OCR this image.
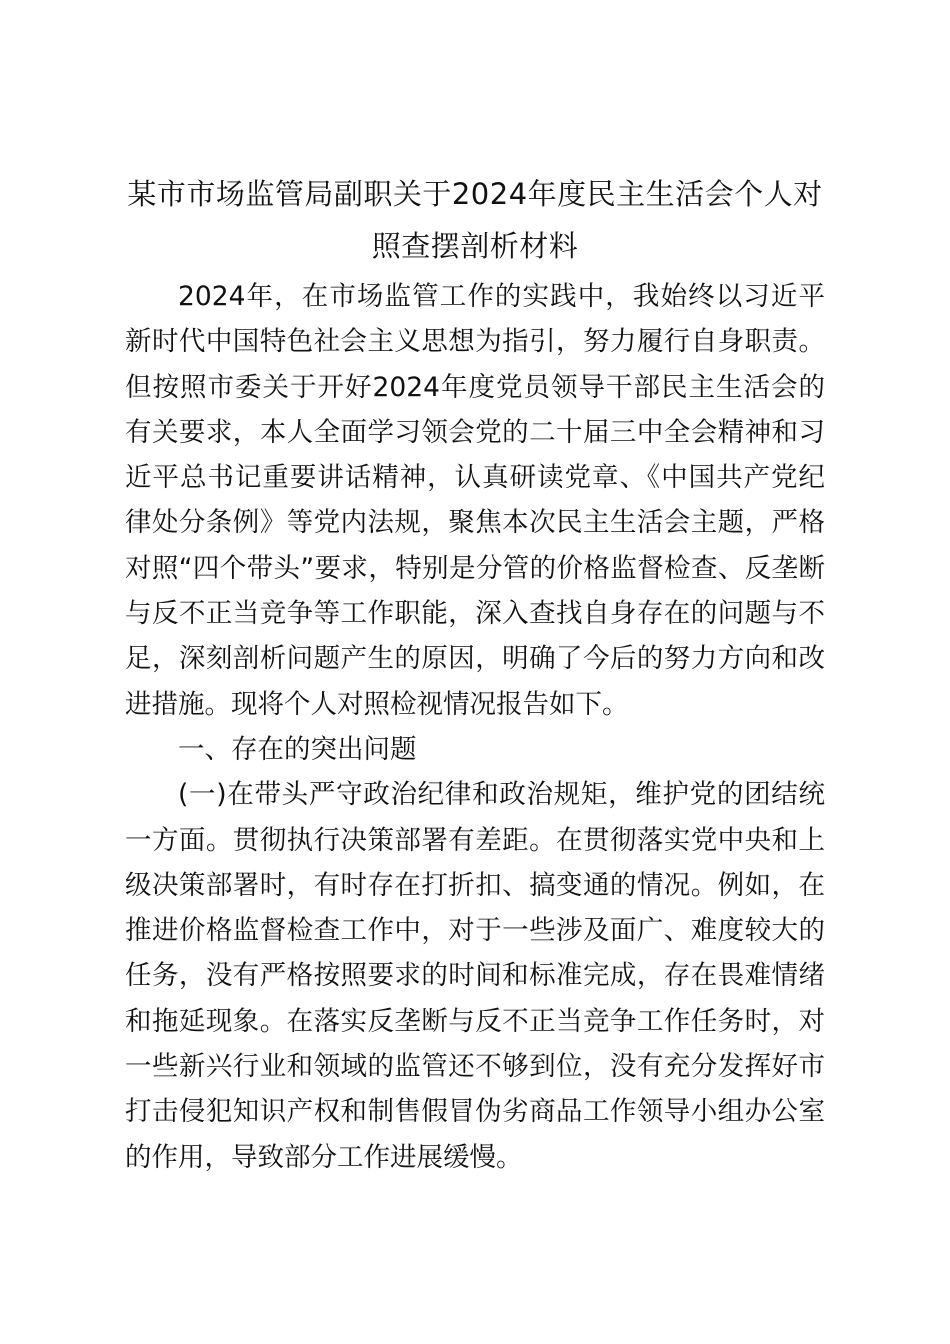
某市市场监管局副职关于2024年度民主生活会个人对照查摆剖析材料

2024年，在市场监管工作的实践中，我始终以习近平新时代中国特色社会主义思想为指引，努力履行自身职责。但按照市委关于开好2024年度党员领导干部民主生活会的有关要求，本人全面学习领会党的二十届三中全会精神和习近平总书记重要讲话精神，认真研读党章、《中国共产党纪律处分条例》等党内法规，聚焦本次民主生活会主题，严格对照“四个带头”要求，特别是分管的价格监督检查、反垄断与反不正当竞争等工作职能，深入查找自身存在的问题与不足，深刻剖析问题产生的原因，明确了今后的努力方向和改进措施。现将个人对照检视情况报告如下。

一、存在的突出问题

(一)在带头严守政治纪律和政治规矩，维护党的团结统一方面。贯彻执行决策部署有差距。在贯彻落实党中央和上级决策部署时，有时存在打折扣、搞变通的情况。例如，在推进价格监督检查工作中，对于一些涉及面广、难度较大的任务，没有严格按照要求的时间和标准完成，存在畏难情绪和拖延现象。在落实反垄断与反不正当竞争工作任务时，对一些新兴行业和领域的监管还不够到位，没有充分发挥好市打击侵犯知识产权和制售假冒伪劣商品工作领导小组办公室的作用，导致部分工作进展缓慢。
